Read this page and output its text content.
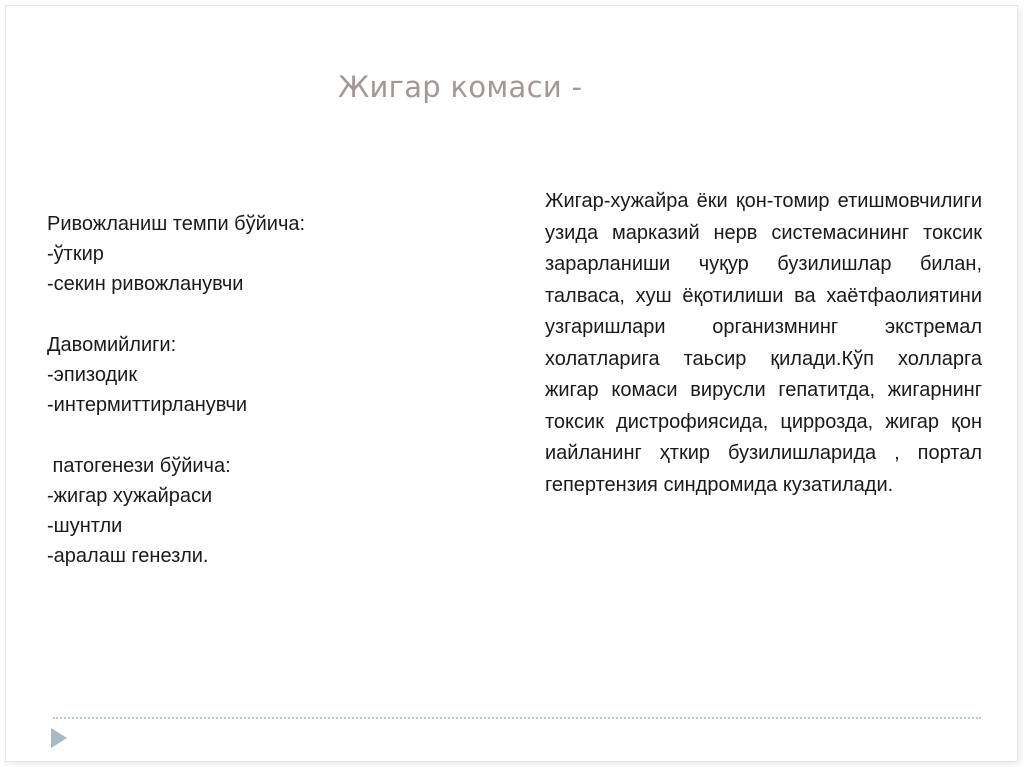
Жигар комаси -
Ривожланиш темпи бўйича:
-ўткир
-секин ривожланувчи
Давомийлиги:
-эпизодик
-интермиттирланувчи
патогенези бўйича:
-жигар хужайраси
-шунтли
-аралаш генезли.
Жигар-хужайра ёки қон-томир етишмовчилиги узида марказий нерв системасининг токсик зарарланиши чуқур бузилишлар билан, талваса, хуш ёқотилиши ва хаётфаолиятини узгаришлари организмнинг экстремал холатларига таьсир қилади.Кўп холларга жигар комаси вирусли гепатитда, жигарнинг токсик дистрофиясида, циррозда, жигар қон иайланинг ҳткир бузилишларида , портал гепертензия синдромида кузатилади.
